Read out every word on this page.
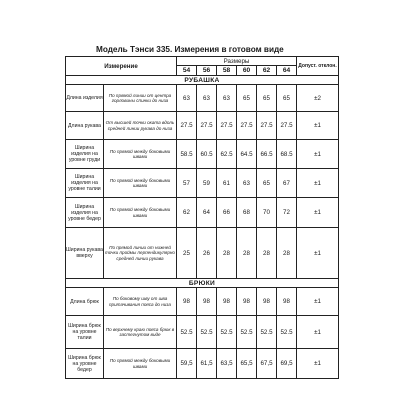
Модель Тэнси 335. Измерения в готовом виде
Измерение		Размеры						Допуст. отклон.
		54	56	58	60	62	64	
РУБАШКА								
Длина изделия	По прямой линии от центра горловины спинки до низа	63	63	63	65	65	65	±2
Длина рукава	От высшей точки оката вдоль средней линии рукава до низа	27.5	27.5	27.5	27.5	27.5	27.5	±1
Ширина изделия на уровне груди	По прямой между боковыми швами	58.5	60.5	62.5	64.5	66.5	68.5	±1
Ширина изделия на уровне талии	По прямой между боковыми швами	57	59	61	63	65	67	±1
Ширина изделия на уровне бедер	По прямой между боковыми швами	62	64	66	68	70	72	±1
Ширина рукава вверху	По прямой линии от нижней точки проймы перпендикулярно средней линии рукава	25	26	28	28	28	28	±1
БРЮКИ								
Длина брюк	По боковому шву от шва притачивания пояса до низа	98	98	98	98	98	98	±1
Ширина брюк на уровне талии	По верхнему краю пояса брюк в застегнутом виде	52.5	52.5	52.5	52.5	52.5	52.5	±1
Ширина брюк на уровне бедер	По прямой между боковыми швами	59,5	61,5	63,5	65,5	67,5	69,5	±1
